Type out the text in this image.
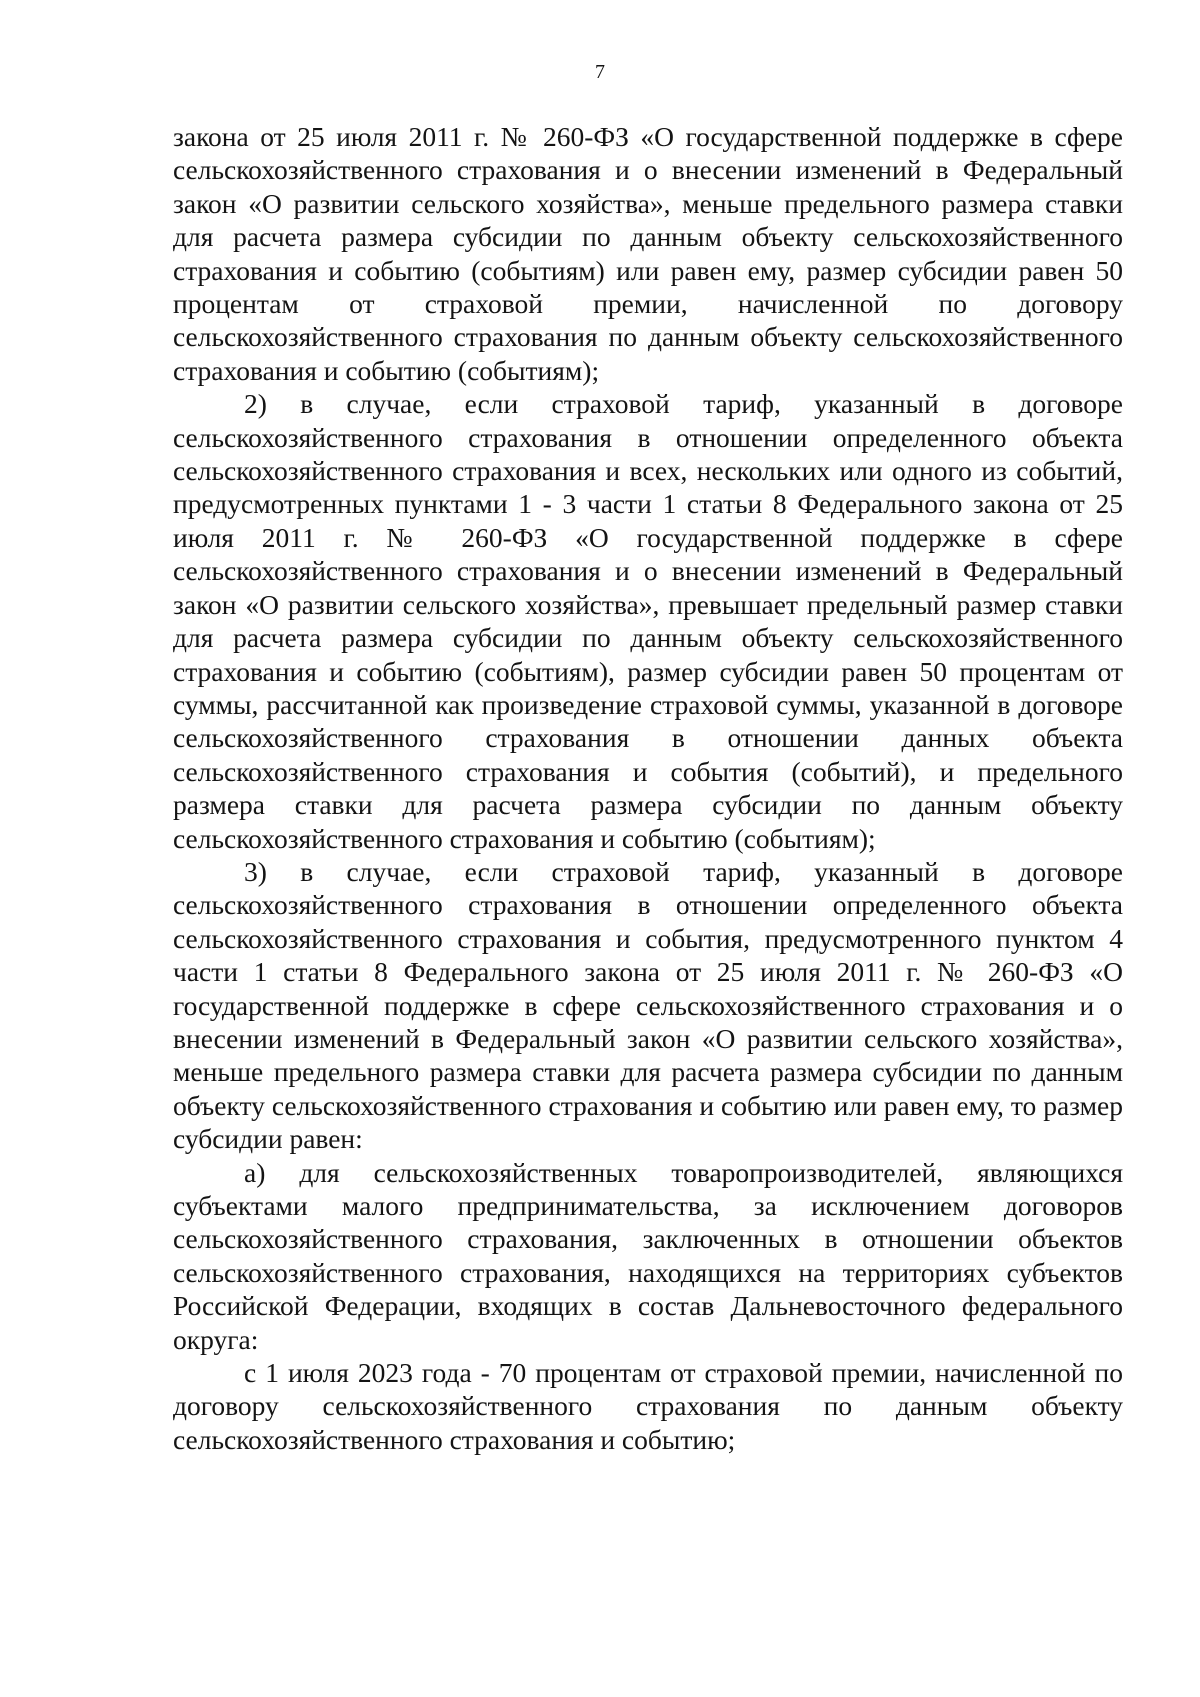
7

закона от 25 июля 2011 г. № 260-ФЗ «О государственной поддержке в сфере сельскохозяйственного страхования и о внесении изменений в Федеральный закон «О развитии сельского хозяйства», меньше предельного размера ставки для расчета размера субсидии по данным объекту сельскохозяйственного страхования и событию (событиям) или равен ему, размер субсидии равен 50 процентам от страховой премии, начисленной по договору сельскохозяйственного страхования по данным объекту сельскохозяйственного страхования и событию (событиям);

2) в случае, если страховой тариф, указанный в договоре сельскохозяйственного страхования в отношении определенного объекта сельскохозяйственного страхования и всех, нескольких или одного из событий, предусмотренных пунктами 1 - 3 части 1 статьи 8 Федерального закона от 25 июля 2011 г. № 260-ФЗ «О государственной поддержке в сфере сельскохозяйственного страхования и о внесении изменений в Федеральный закон «О развитии сельского хозяйства», превышает предельный размер ставки для расчета размера субсидии по данным объекту сельскохозяйственного страхования и событию (событиям), размер субсидии равен 50 процентам от суммы, рассчитанной как произведение страховой суммы, указанной в договоре сельскохозяйственного страхования в отношении данных объекта сельскохозяйственного страхования и события (событий), и предельного размера ставки для расчета размера субсидии по данным объекту сельскохозяйственного страхования и событию (событиям);

3) в случае, если страховой тариф, указанный в договоре сельскохозяйственного страхования в отношении определенного объекта сельскохозяйственного страхования и события, предусмотренного пунктом 4 части 1 статьи 8 Федерального закона от 25 июля 2011 г. № 260-ФЗ «О государственной поддержке в сфере сельскохозяйственного страхования и о внесении изменений в Федеральный закон «О развитии сельского хозяйства», меньше предельного размера ставки для расчета размера субсидии по данным объекту сельскохозяйственного страхования и событию или равен ему, то размер субсидии равен:

а) для сельскохозяйственных товаропроизводителей, являющихся субъектами малого предпринимательства, за исключением договоров сельскохозяйственного страхования, заключенных в отношении объектов сельскохозяйственного страхования, находящихся на территориях субъектов Российской Федерации, входящих в состав Дальневосточного федерального округа:

с 1 июля 2023 года - 70 процентам от страховой премии, начисленной по договору сельскохозяйственного страхования по данным объекту сельскохозяйственного страхования и событию;
